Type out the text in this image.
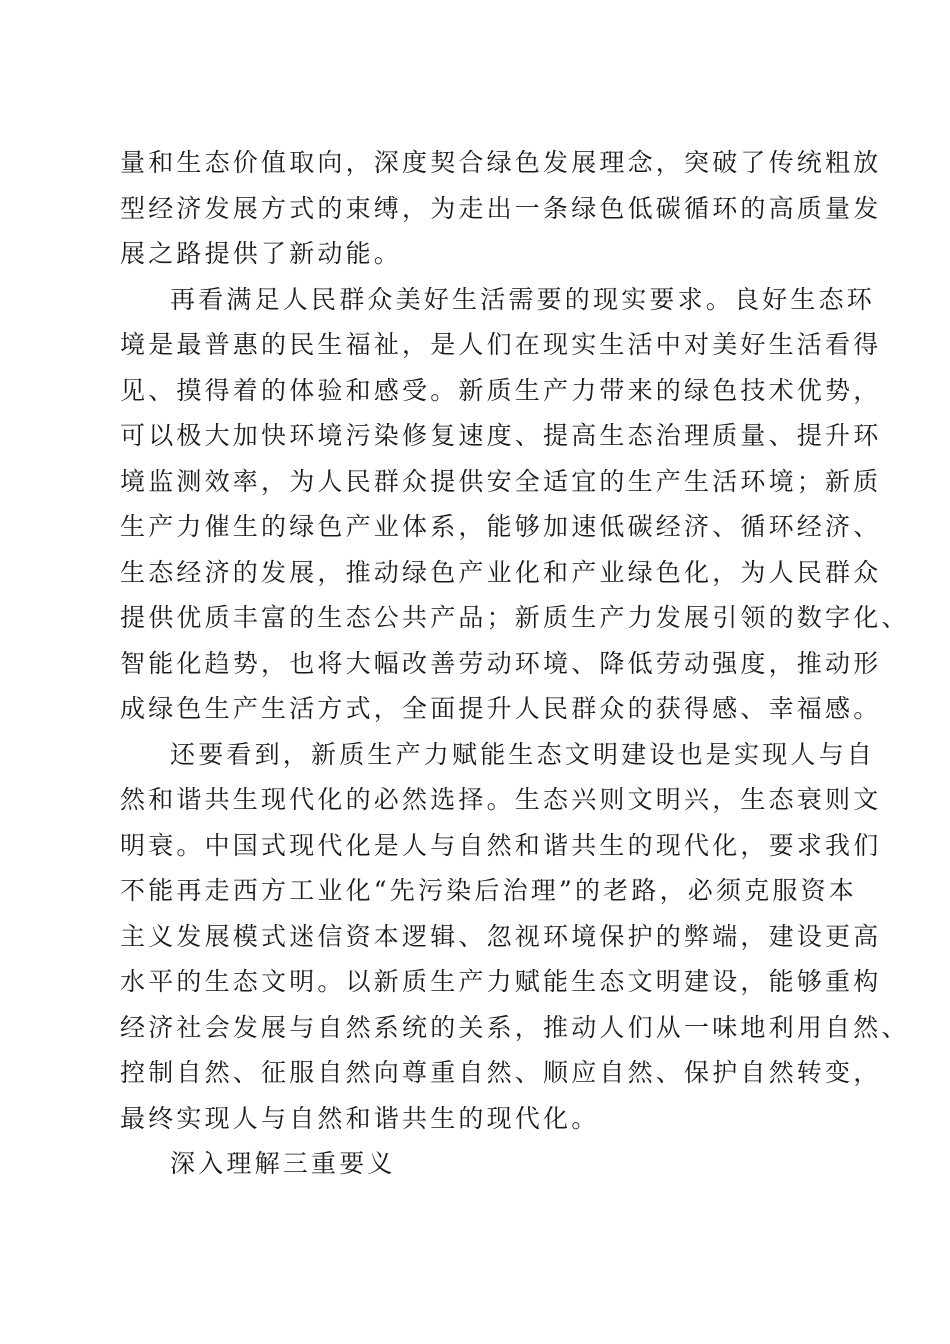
量和生态价值取向，深度契合绿色发展理念，突破了传统粗放
型经济发展方式的束缚，为走出一条绿色低碳循环的高质量发
展之路提供了新动能。
再看满足人民群众美好生活需要的现实要求。良好生态环
境是最普惠的民生福祉，是人们在现实生活中对美好生活看得
见、摸得着的体验和感受。新质生产力带来的绿色技术优势，
可以极大加快环境污染修复速度、提高生态治理质量、提升环
境监测效率，为人民群众提供安全适宜的生产生活环境；新质
生产力催生的绿色产业体系，能够加速低碳经济、循环经济、
生态经济的发展，推动绿色产业化和产业绿色化，为人民群众
提供优质丰富的生态公共产品；新质生产力发展引领的数字化、
智能化趋势，也将大幅改善劳动环境、降低劳动强度，推动形
成绿色生产生活方式，全面提升人民群众的获得感、幸福感。
还要看到，新质生产力赋能生态文明建设也是实现人与自
然和谐共生现代化的必然选择。生态兴则文明兴，生态衰则文
明衰。中国式现代化是人与自然和谐共生的现代化，要求我们
不能再走西方工业化“先污染后治理”的老路，必须克服资本
主义发展模式迷信资本逻辑、忽视环境保护的弊端，建设更高
水平的生态文明。以新质生产力赋能生态文明建设，能够重构
经济社会发展与自然系统的关系，推动人们从一味地利用自然、
控制自然、征服自然向尊重自然、顺应自然、保护自然转变，
最终实现人与自然和谐共生的现代化。
深入理解三重要义
